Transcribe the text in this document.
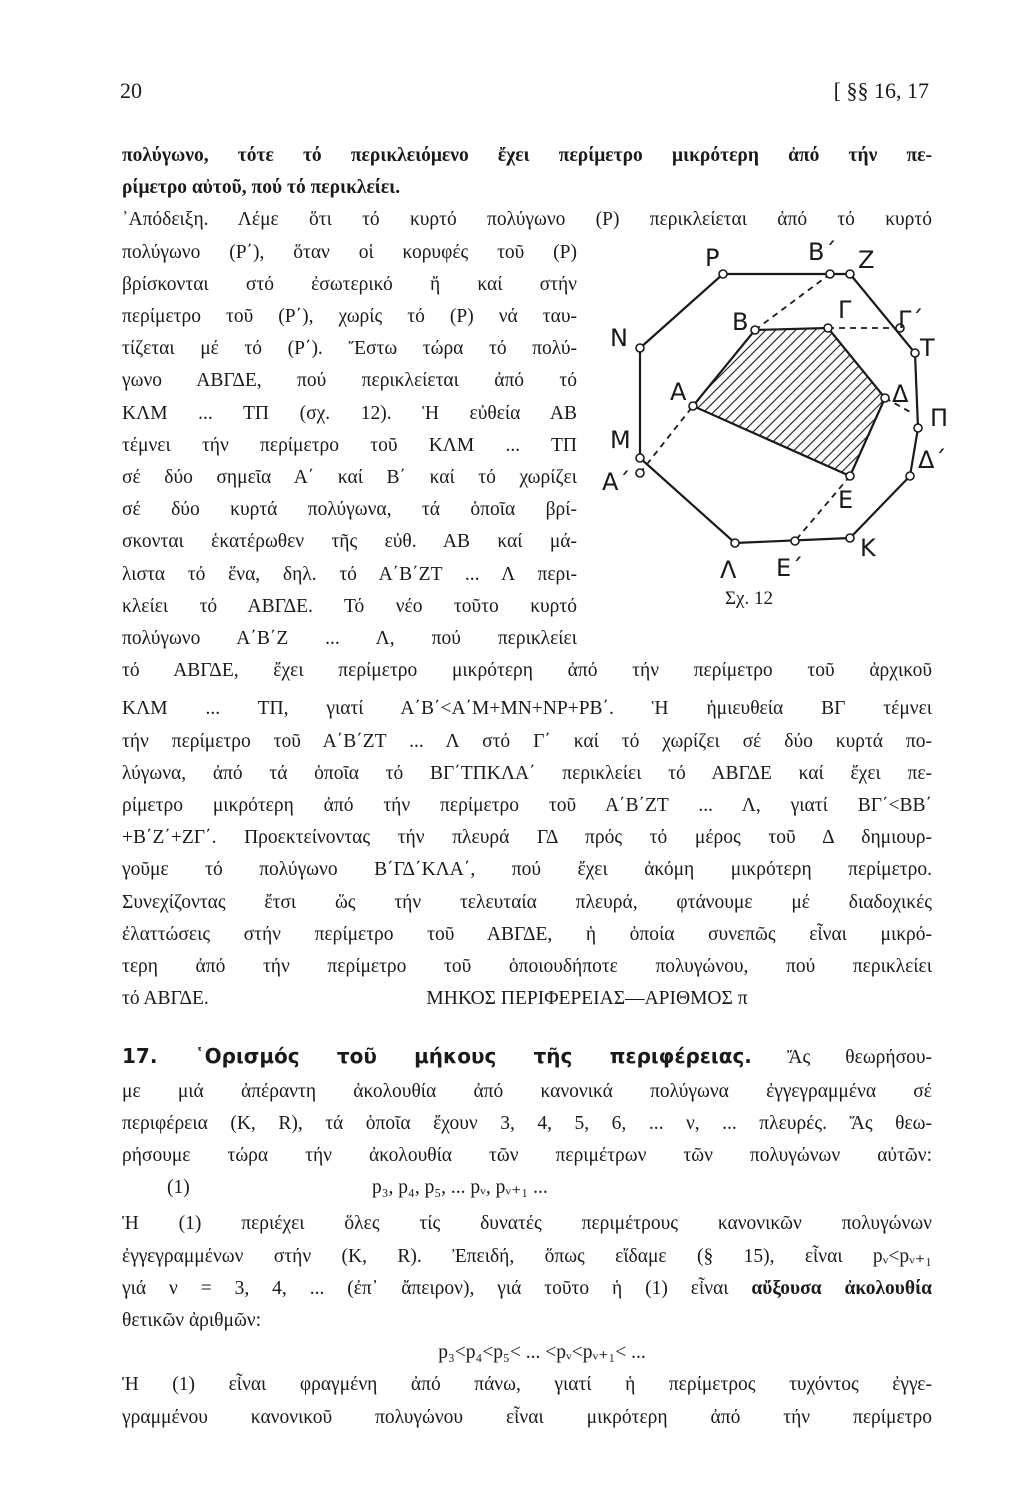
20	[ §§ 16, 17
πολύγωνο, τότε τό περικλειόμενο ἔχει περίμετρο μικρότερη ἀπό τήν πε-
ρίμετρο αὐτοῦ, πού τό περικλείει.
᾿Απόδειξη. Λέμε ὅτι τό κυρτό πολύγωνο (Ρ) περικλείεται ἀπό τό κυρτό
πολύγωνο (Ρ΄), ὅταν οἱ κορυφές τοῦ (Ρ)
βρίσκονται στό ἐσωτερικό ἤ καί στήν
περίμετρο τοῦ (Ρ΄), χωρίς τό (Ρ) νά ταυ-
τίζεται μέ τό (Ρ΄). Ἔστω τώρα τό πολύ-
γωνο ΑΒΓΔΕ, πού περικλείεται ἀπό τό
ΚΛΜ ... ΤΠ (σχ. 12). Ἡ εὐθεία ΑΒ
τέμνει τήν περίμετρο τοῦ ΚΛΜ ... ΤΠ
σέ δύο σημεῖα Α΄ καί Β΄ καί τό χωρίζει
σέ δύο κυρτά πολύγωνα, τά ὁποῖα βρί-
σκονται ἑκατέρωθεν τῆς εὐθ. ΑΒ καί μά-
λιστα τό ἕνα, δηλ. τό Α΄Β΄ΖΤ ... Λ περι-
κλείει τό ΑΒΓΔΕ. Τό νέο τοῦτο κυρτό
πολύγωνο Α΄Β΄Ζ ... Λ, πού περικλείει
τό ΑΒΓΔΕ, ἔχει περίμετρο μικρότερη ἀπό τήν περίμετρο τοῦ ἀρχικοῦ
ΚΛΜ ... ΤΠ, γιατί Α΄Β΄<Α΄Μ+ΜΝ+ΝΡ+ΡΒ΄. Ἡ ἡμιευθεία → ΒΓ τέμνει
τήν περίμετρο τοῦ Α΄Β΄ΖΤ ... Λ στό Γ΄ καί τό χωρίζει σέ δύο κυρτά πο-
λύγωνα, ἀπό τά ὁποῖα τό ΒΓ΄ΤΠΚΛΑ΄ περικλείει τό ΑΒΓΔΕ καί ἔχει πε-
ρίμετρο μικρότερη ἀπό τήν περίμετρο τοῦ Α΄Β΄ΖΤ ... Λ, γιατί ΒΓ΄<ΒΒ΄
+Β΄Ζ΄+ΖΓ΄. Προεκτείνοντας τήν πλευρά ΓΔ πρός τό μέρος τοῦ Δ δημιουρ-
γοῦμε τό πολύγωνο Β΄ΓΔ΄ΚΛΑ΄, πού ἔχει ἀκόμη μικρότερη περίμετρο.
Συνεχίζοντας ἔτσι ὥς τήν τελευταία πλευρά, φτάνουμε μέ διαδοχικές
ἐλαττώσεις στήν περίμετρο τοῦ ΑΒΓΔΕ, ἡ ὁποία συνεπῶς εἶναι μικρό-
τερη ἀπό τήν περίμετρο τοῦ ὁποιουδήποτε πολυγώνου, πού περικλείει
τό ΑΒΓΔΕ.	ΜΗΚΟΣ ΠΕΡΙΦΕΡΕΙΑΣ—ΑΡΙΘΜΟΣ π
17. ῾Ορισμός τοῦ μήκους τῆς περιφέρειας. Ἄς θεωρήσου-
με μιά ἀπέραντη ἀκολουθία ἀπό κανονικά πολύγωνα ἐγγεγραμμένα σέ
περιφέρεια (Κ, R), τά ὁποῖα ἔχουν 3, 4, 5, 6, ... ν, ... πλευρές. Ἄς θεω-
ρήσουμε τώρα τήν ἀκολουθία τῶν περιμέτρων τῶν πολυγώνων αὐτῶν:
(1)	p₃, p₄, p₅, ... pᵥ, pᵥ₊₁ ...
Ἡ (1) περιέχει ὅλες τίς δυνατές περιμέτρους κανονικῶν πολυγώνων
ἐγγεγραμμένων στήν (Κ, R). Ἐπειδή, ὅπως εἴδαμε (§ 15), εἶναι pᵥ<pᵥ₊₁
γιά ν = 3, 4, ... (ἐπ᾿ ἄπειρον), γιά τοῦτο ἡ (1) εἶναι αὔξουσα ἀκολουθία
θετικῶν ἀριθμῶν:
p₃<p₄<p₅< ... <pᵥ<pᵥ₊₁< ...
Ἡ (1) εἶναι φραγμένη ἀπό πάνω, γιατί ἡ περίμετρος τυχόντος ἐγγε-
γραμμένου κανονικοῦ πολυγώνου εἶναι μικρότερη ἀπό τήν περίμετρο
Ρ	Β΄ Ζ
Ν
Β	Γ Γ΄
Τ
Α	Δ
Π
Μ
Δ΄
Α΄
Ε
Κ
Λ Ε΄
Σχ. 12
